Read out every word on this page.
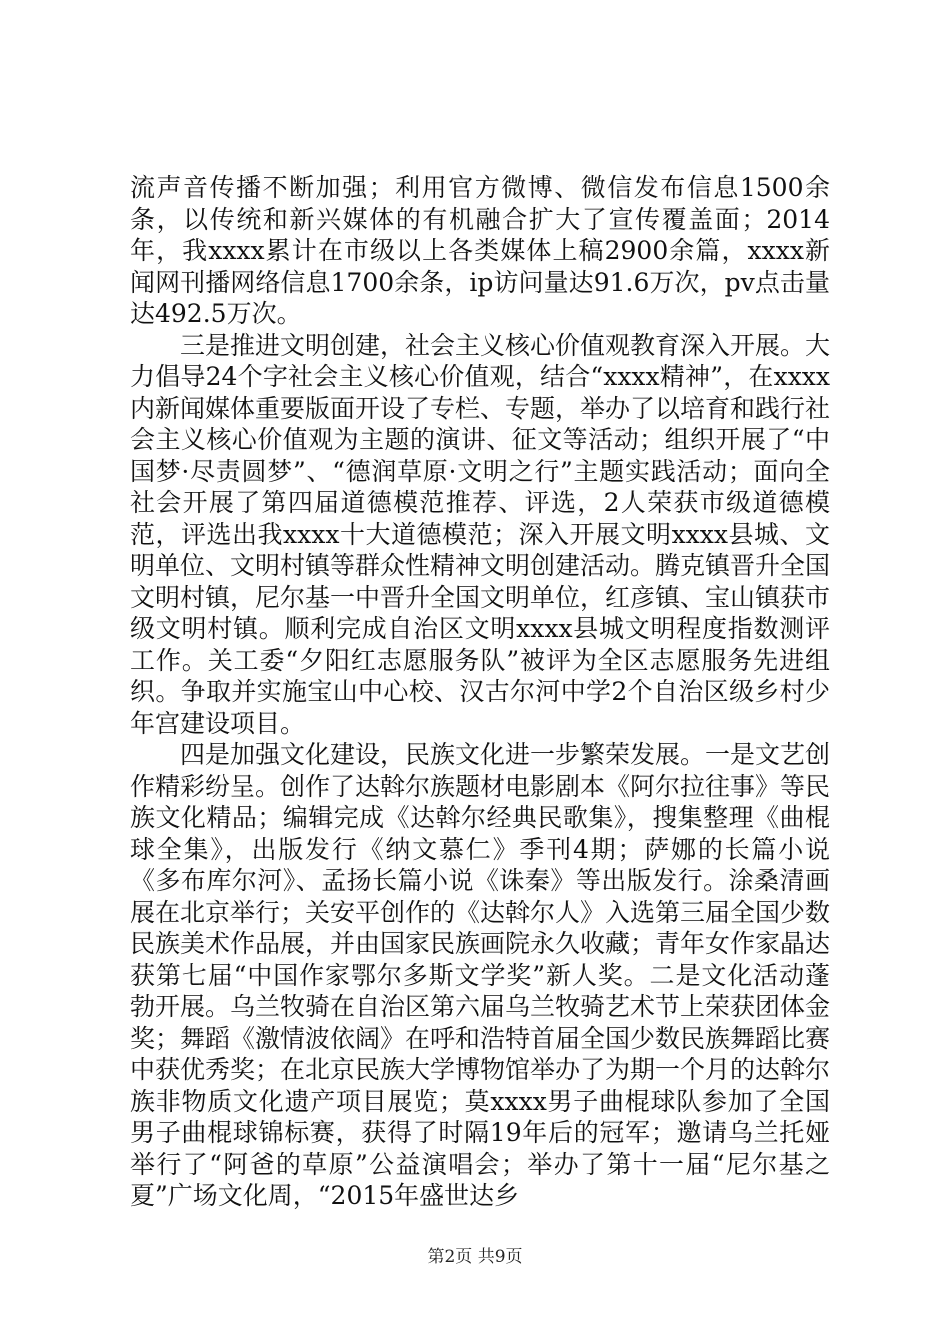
流声音传播不断加强；利用官方微博、微信发布信息1500余条，以传统和新兴媒体的有机融合扩大了宣传覆盖面；2014年，我xxxx累计在市级以上各类媒体上稿2900余篇，xxxx新闻网刊播网络信息1700余条，ip访问量达91.6万次，pv点击量达492.5万次。

三是推进文明创建，社会主义核心价值观教育深入开展。大力倡导24个字社会主义核心价值观，结合“xxxx精神”，在xxxx内新闻媒体重要版面开设了专栏、专题，举办了以培育和践行社会主义核心价值观为主题的演讲、征文等活动；组织开展了“中国梦·尽责圆梦”、“德润草原·文明之行”主题实践活动；面向全社会开展了第四届道德模范推荐、评选，2人荣获市级道德模范，评选出我xxxx十大道德模范；深入开展文明xxxx县城、文明单位、文明村镇等群众性精神文明创建活动。腾克镇晋升全国文明村镇，尼尔基一中晋升全国文明单位，红彦镇、宝山镇获市级文明村镇。顺利完成自治区文明xxxx县城文明程度指数测评工作。关工委“夕阳红志愿服务队”被评为全区志愿服务先进组织。争取并实施宝山中心校、汉古尔河中学2个自治区级乡村少年宫建设项目。

四是加强文化建设，民族文化进一步繁荣发展。一是文艺创作精彩纷呈。创作了达斡尔族题材电影剧本《阿尔拉往事》等民族文化精品；编辑完成《达斡尔经典民歌集》，搜集整理《曲棍球全集》，出版发行《纳文慕仁》季刊4期；萨娜的长篇小说《多布库尔河》、孟扬长篇小说《诛秦》等出版发行。涂桑清画展在北京举行；关安平创作的《达斡尔人》入选第三届全国少数民族美术作品展，并由国家民族画院永久收藏；青年女作家晶达获第七届“中国作家鄂尔多斯文学奖”新人奖。二是文化活动蓬勃开展。乌兰牧骑在自治区第六届乌兰牧骑艺术节上荣获团体金奖；舞蹈《激情波依阔》在呼和浩特首届全国少数民族舞蹈比赛中获优秀奖；在北京民族大学博物馆举办了为期一个月的达斡尔族非物质文化遗产项目展览；莫xxxx男子曲棍球队参加了全国男子曲棍球锦标赛，获得了时隔19年后的冠军；邀请乌兰托娅举行了“阿爸的草原”公益演唱会；举办了第十一届“尼尔基之夏”广场文化周，“2015年盛世达乡

第2页 共9页
